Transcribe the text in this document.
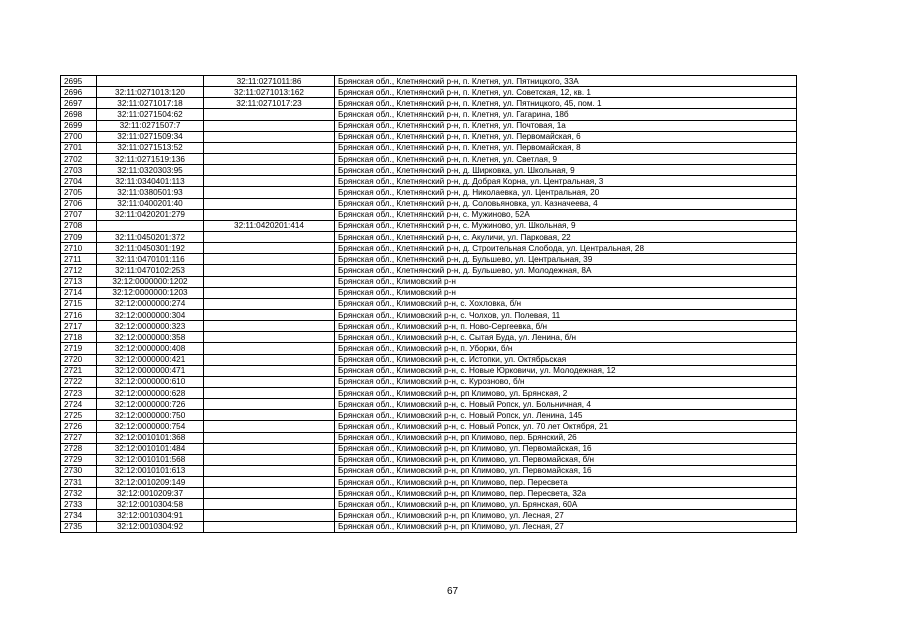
2695		32:11:0271011:86	Брянская обл., Клетнянский р-н, п. Клетня, ул. Пятницкого, 33А
2696	32:11:0271013:120	32:11:0271013:162	Брянская обл., Клетнянский р-н, п. Клетня, ул. Советская, 12, кв. 1
2697	32:11:0271017:18	32:11:0271017:23	Брянская обл., Клетнянский р-н, п. Клетня, ул. Пятницкого, 45, пом. 1
2698	32:11:0271504:62		Брянская обл., Клетнянский р-н, п. Клетня, ул. Гагарина, 18б
2699	32:11:0271507:7		Брянская обл., Клетнянский р-н, п. Клетня, ул. Почтовая, 1а
2700	32:11:0271509:34		Брянская обл., Клетнянский р-н, п. Клетня, ул. Первомайская, 6
2701	32:11:0271513:52		Брянская обл., Клетнянский р-н, п. Клетня, ул. Первомайская, 8
2702	32:11:0271519:136		Брянская обл., Клетнянский р-н, п. Клетня, ул. Светлая, 9
2703	32:11:0320303:95		Брянская обл., Клетнянский р-н, д. Ширковка, ул. Школьная, 9
2704	32:11:0340401:113		Брянская обл., Клетнянский р-н, д. Добрая Корна, ул. Центральная, 3
2705	32:11:0380501:93		Брянская обл., Клетнянский р-н, д. Николаевка, ул. Центральная, 20
2706	32:11:0400201:40		Брянская обл., Клетнянский р-н, д. Соловьяновка, ул. Казначеева, 4
2707	32:11:0420201:279		Брянская обл., Клетнянский р-н, с. Мужиново, 52А
2708		32:11:0420201:414	Брянская обл., Клетнянский р-н, с. Мужиново, ул. Школьная, 9
2709	32:11:0450201:372		Брянская обл., Клетнянский р-н, с. Акуличи, ул. Парковая, 22
2710	32:11:0450301:192		Брянская обл., Клетнянский р-н, д. Строительная Слобода, ул. Центральная, 28
2711	32:11:0470101:116		Брянская обл., Клетнянский р-н, д. Бульшево, ул. Центральная, 39
2712	32:11:0470102:253		Брянская обл., Клетнянский р-н, д. Бульшево, ул. Молодежная, 8А
2713	32:12:0000000:1202		Брянская обл., Климовский р-н
2714	32:12:0000000:1203		Брянская обл., Климовский р-н
2715	32:12:0000000:274		Брянская обл., Климовский р-н, с. Хохловка, б/н
2716	32:12:0000000:304		Брянская обл., Климовский р-н, с. Чолхов, ул. Полевая, 11
2717	32:12:0000000:323		Брянская обл., Климовский р-н, п. Ново-Сергеевка, б/н
2718	32:12:0000000:358		Брянская обл., Климовский р-н, с. Сытая Буда, ул. Ленина, б/н
2719	32:12:0000000:408		Брянская обл., Климовский р-н, п. Уборки, б/н
2720	32:12:0000000:421		Брянская обл., Климовский р-н, с. Истопки, ул. Октябрьская
2721	32:12:0000000:471		Брянская обл., Климовский р-н, с. Новые Юрковичи, ул. Молодежная, 12
2722	32:12:0000000:610		Брянская обл., Климовский р-н, с. Курознoво, б/н
2723	32:12:0000000:628		Брянская обл., Климовский р-н, рп Климово, ул. Брянская, 2
2724	32:12:0000000:726		Брянская обл., Климовский р-н, с. Новый Ропск, ул. Больничная, 4
2725	32:12:0000000:750		Брянская обл., Климовский р-н, с. Новый Ропск, ул. Ленина, 145
2726	32:12:0000000:754		Брянская обл., Климовский р-н, с. Новый Ропск, ул. 70 лет Октября, 21
2727	32:12:0010101:368		Брянская обл., Климовский р-н, рп Климово, пер. Брянский, 26
2728	32:12:0010101:484		Брянская обл., Климовский р-н, рп Климово, ул. Первомайская, 16
2729	32:12:0010101:568		Брянская обл., Климовский р-н, рп Климово, ул. Первомайская, б/н
2730	32:12:0010101:613		Брянская обл., Климовский р-н, рп Климово, ул. Первомайская, 16
2731	32:12:0010209:149		Брянская обл., Климовский р-н, рп Климово, пер. Пересвета
2732	32:12:0010209:37		Брянская обл., Климовский р-н, рп Климово, пер. Пересвета, 32а
2733	32:12:0010304:58		Брянская обл., Климовский р-н, рп Климово, ул. Брянская, 60А
2734	32:12:0010304:91		Брянская обл., Климовский р-н, рп Климово, ул. Лесная, 27
2735	32:12:0010304:92		Брянская обл., Климовский р-н, рп Климово, ул. Лесная, 27
67
